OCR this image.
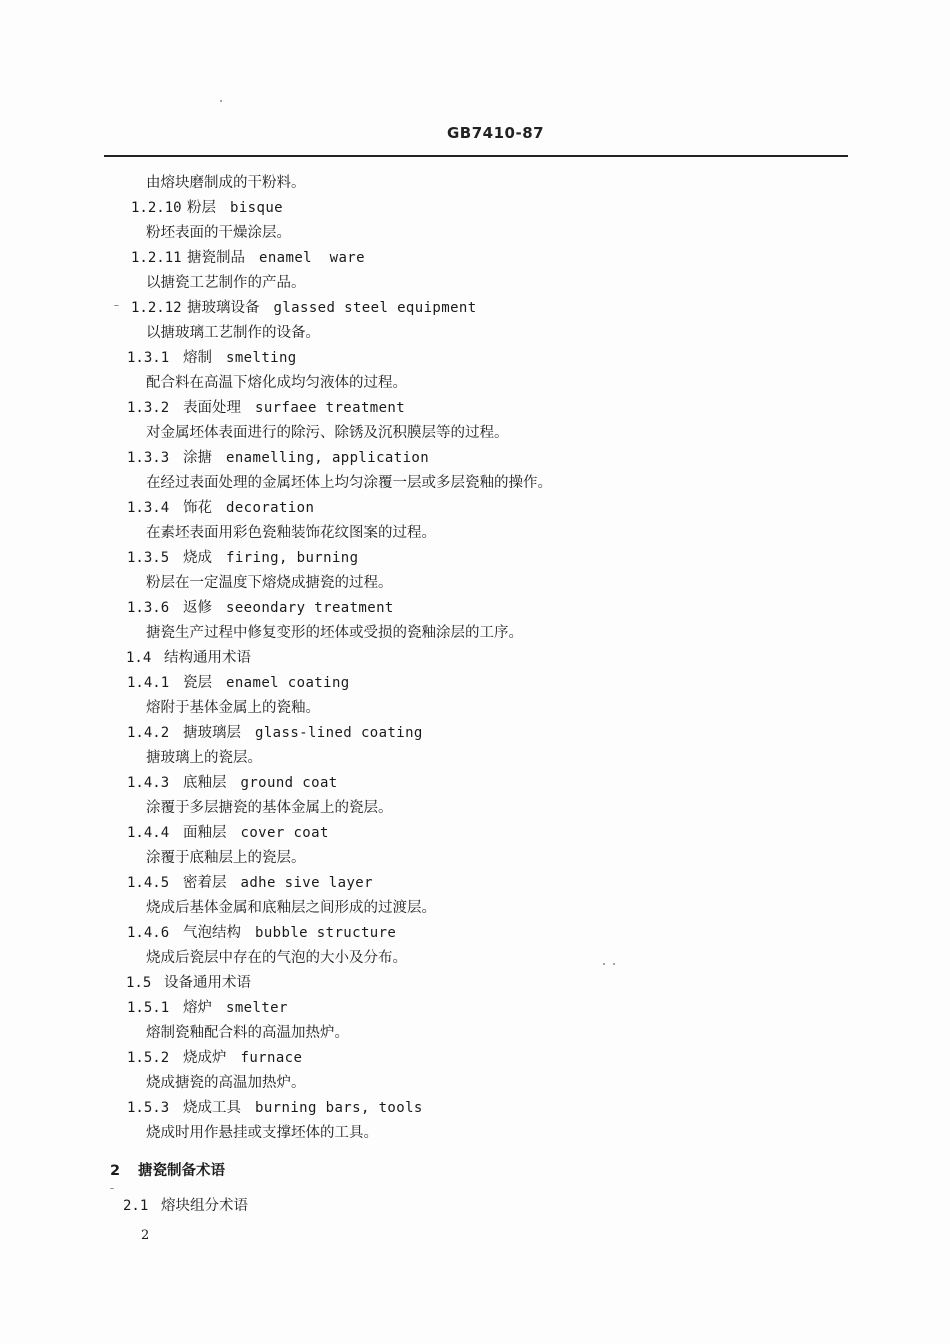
GB7410-87
由熔块磨制成的干粉料。
1.2.10 粉层 bisque
粉坯表面的干燥涂层。
1.2.11 搪瓷制品 enamel  ware
以搪瓷工艺制作的产品。
1.2.12 搪玻璃设备 glassed steel equipment
以搪玻璃工艺制作的设备。
1.3.1 熔制 smelting
配合料在高温下熔化成均匀液体的过程。
1.3.2 表面处理 surfaee treatment
对金属坯体表面进行的除污、除锈及沉积膜层等的过程。
1.3.3 涂搪 enamelling, application
在经过表面处理的金属坯体上均匀涂覆一层或多层瓷釉的操作。
1.3.4 饰花 decoration
在素坯表面用彩色瓷釉装饰花纹图案的过程。
1.3.5 烧成 firing, burning
粉层在一定温度下熔烧成搪瓷的过程。
1.3.6 返修 seeondary treatment
搪瓷生产过程中修复变形的坯体或受损的瓷釉涂层的工序。
1.4 结构通用术语
1.4.1 瓷层 enamel coating
熔附于基体金属上的瓷釉。
1.4.2 搪玻璃层 glass-lined coating
搪玻璃上的瓷层。
1.4.3 底釉层 ground coat
涂覆于多层搪瓷的基体金属上的瓷层。
1.4.4 面釉层 cover coat
涂覆于底釉层上的瓷层。
1.4.5 密着层 adhe sive layer
烧成后基体金属和底釉层之间形成的过渡层。
1.4.6 气泡结构 bubble structure
烧成后瓷层中存在的气泡的大小及分布。
1.5 设备通用术语
1.5.1 熔炉 smelter
熔制瓷釉配合料的高温加热炉。
1.5.2 烧成炉 furnace
烧成搪瓷的高温加热炉。
1.5.3 烧成工具 burning bars, tools
烧成时用作悬挂或支撑坯体的工具。
2 搪瓷制备术语
2.1 熔块组分术语
2
